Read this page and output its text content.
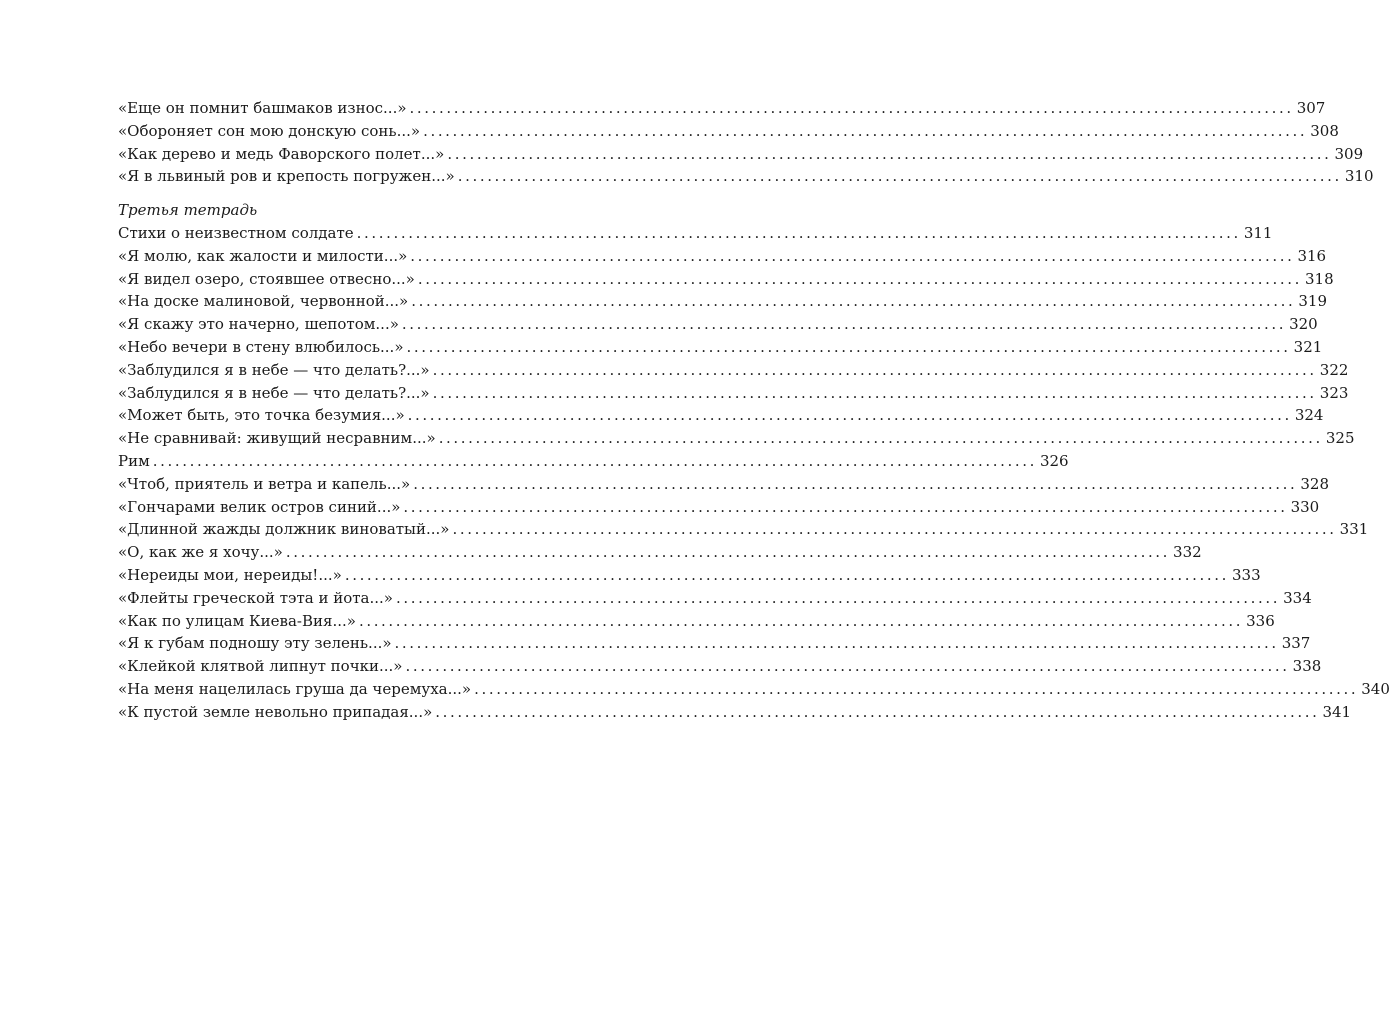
«Еще он помнит башмаков износ...» ........................................................................................................................ 307
«Обороняет сон мою донскую сонь...» ........................................................................................................................ 308
«Как дерево и медь Фаворского полет...» ........................................................................................................................ 309
«Я в львиный ров и крепость погружен...» ........................................................................................................................ 310
Третья тетрадь
Стихи о неизвестном солдате ........................................................................................................................ 311
«Я молю, как жалости и милости...» ........................................................................................................................ 316
«Я видел озеро, стоявшее отвесно...» ........................................................................................................................ 318
«На доске малиновой, червонной...» ........................................................................................................................ 319
«Я скажу это начерно, шепотом...» ........................................................................................................................ 320
«Небо вечери в стену влюбилось...» ........................................................................................................................ 321
«Заблудился я в небе — что делать?...» ........................................................................................................................ 322
«Заблудился я в небе — что делать?...» ........................................................................................................................ 323
«Может быть, это точка безумия...» ........................................................................................................................ 324
«Не сравнивай: живущий несравним...» ........................................................................................................................ 325
Рим ........................................................................................................................ 326
«Чтоб, приятель и ветра и капель...» ........................................................................................................................ 328
«Гончарами велик остров синий...» ........................................................................................................................ 330
«Длинной жажды должник виноватый...» ........................................................................................................................ 331
«О, как же я хочу...» ........................................................................................................................ 332
«Нереиды мои, нереиды!...» ........................................................................................................................ 333
«Флейты греческой тэта и йота...» ........................................................................................................................ 334
«Как по улицам Киева-Вия...» ........................................................................................................................ 336
«Я к губам подношу эту зелень...» ........................................................................................................................ 337
«Клейкой клятвой липнут почки...» ........................................................................................................................ 338
«На меня нацелилась груша да черемуха...» ........................................................................................................................ 340
«К пустой земле невольно припадая...» ........................................................................................................................ 341
